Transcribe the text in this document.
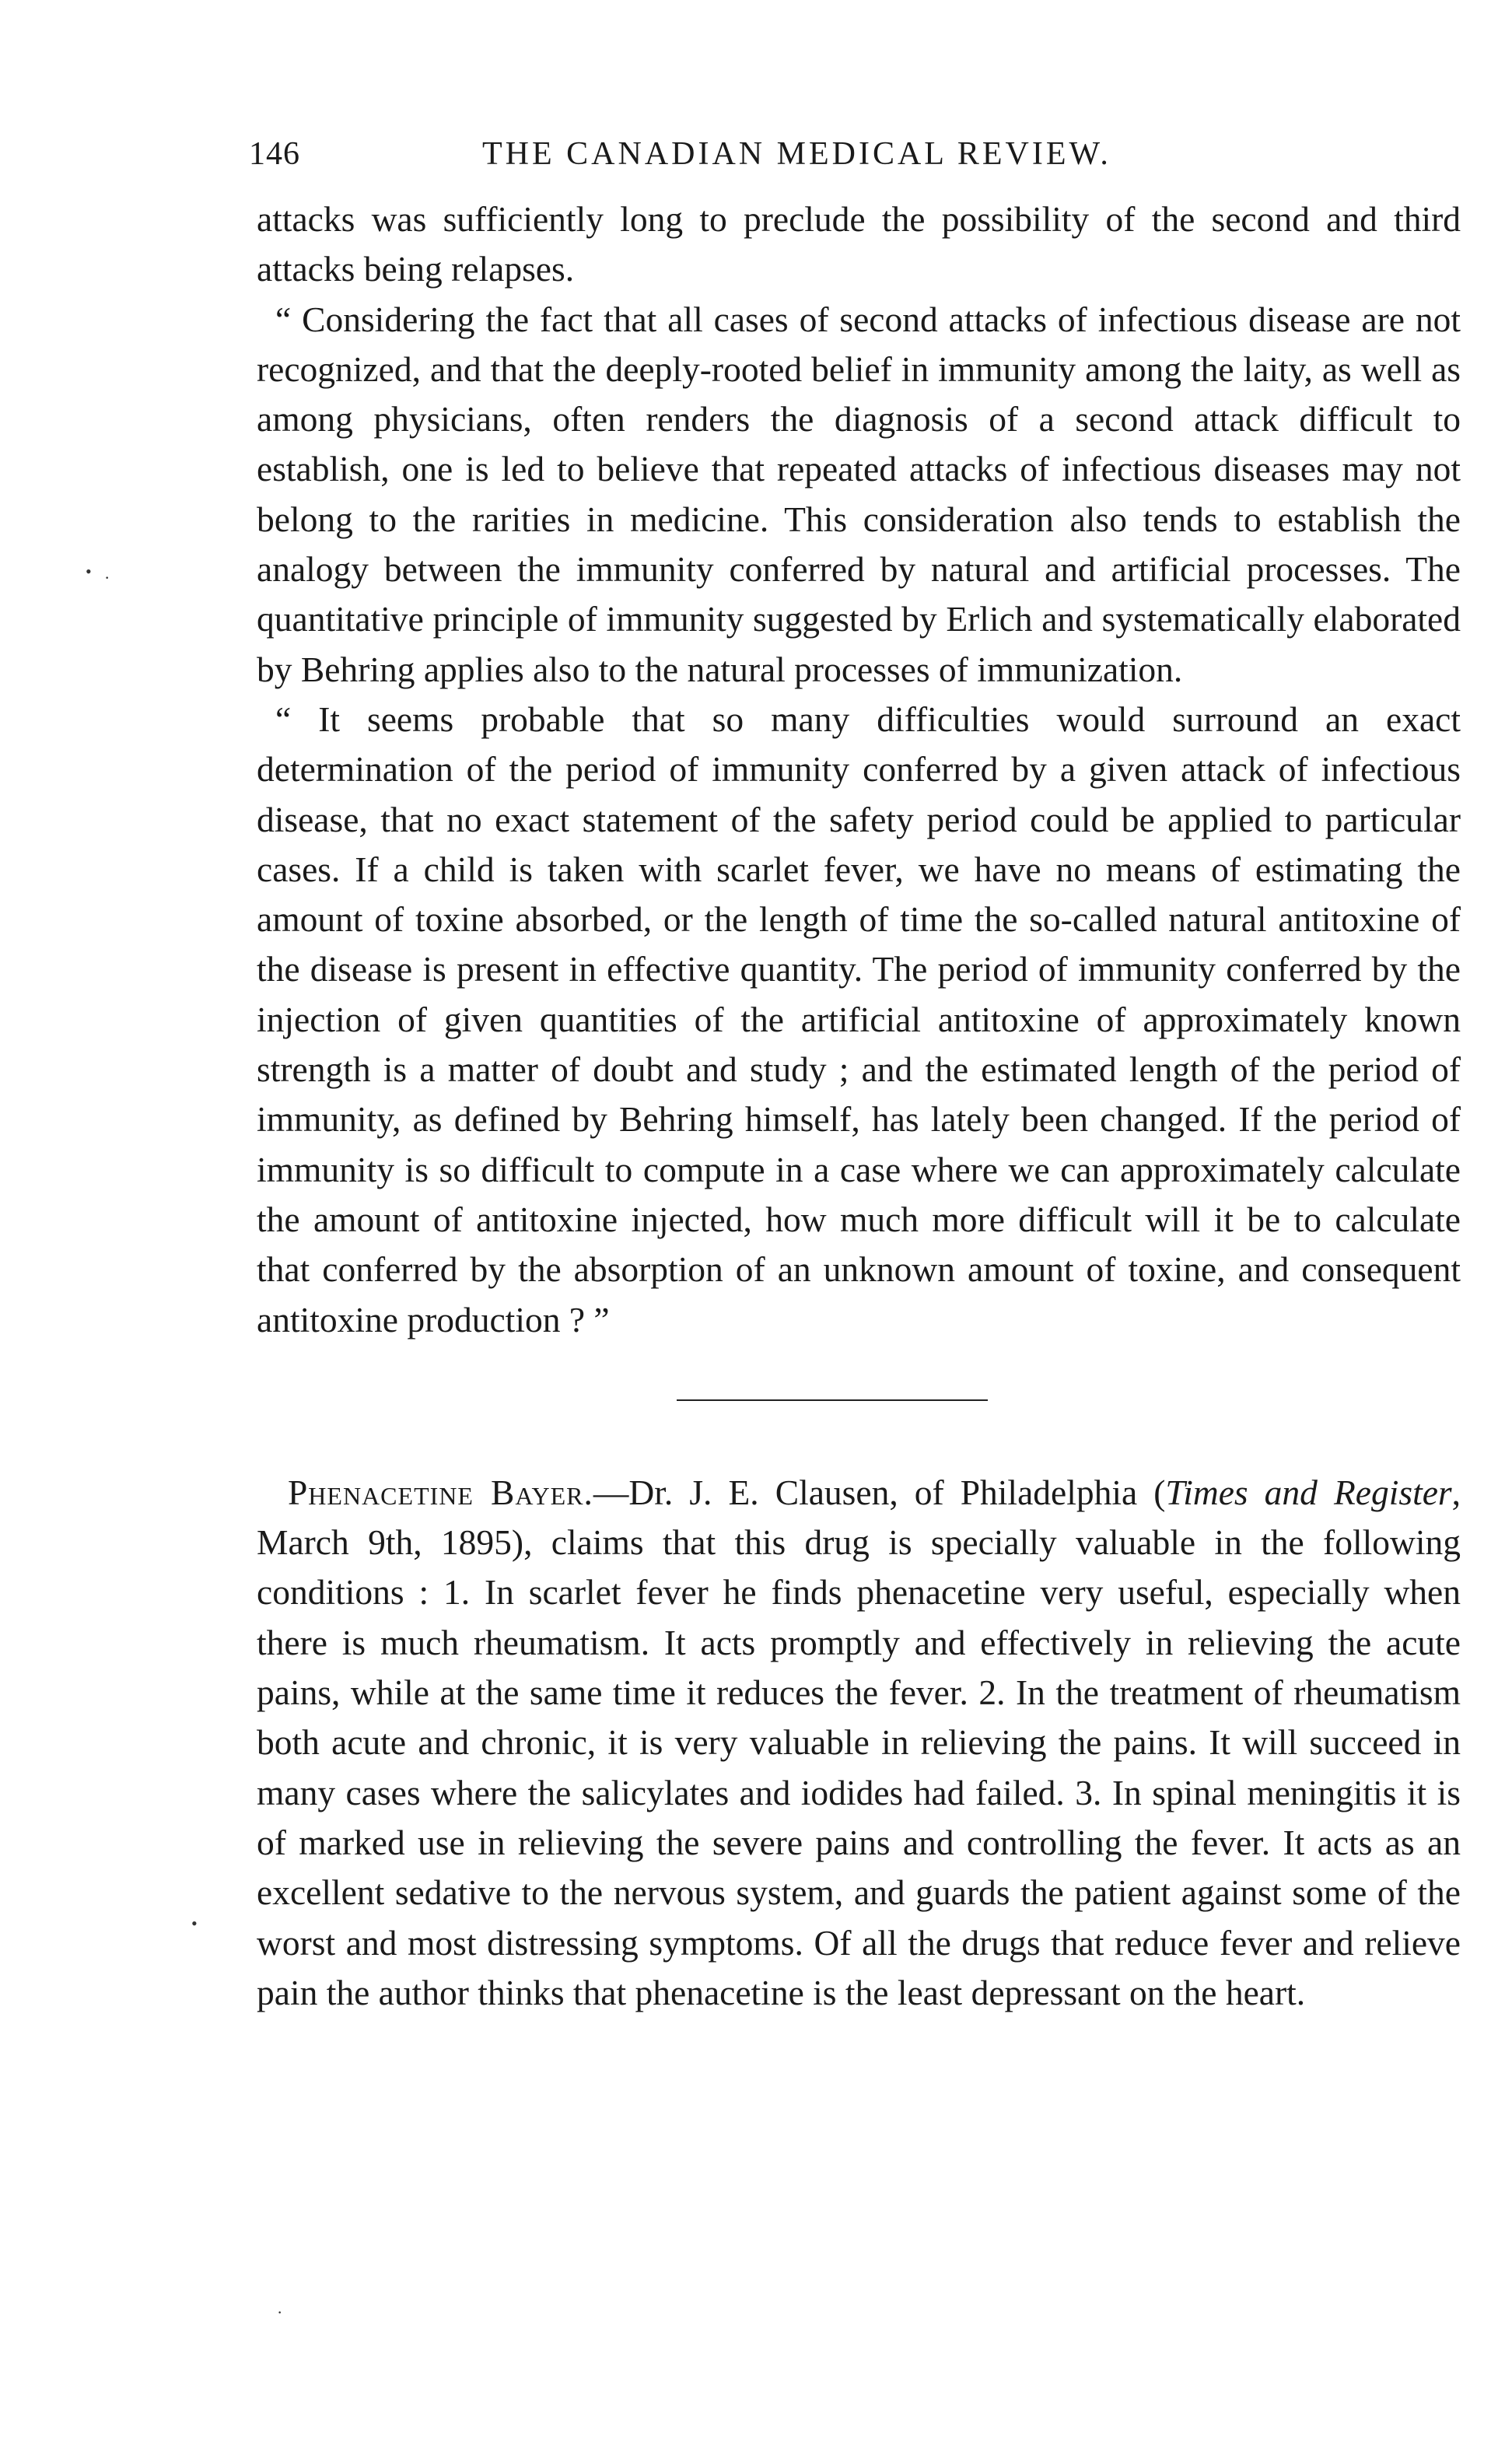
146	THE CANADIAN MEDICAL REVIEW.

attacks was sufficiently long to preclude the possibility of the second and third attacks being relapses.

“ Considering the fact that all cases of second attacks of infectious disease are not recognized, and that the deeply-rooted belief in immunity among the laity, as well as among physicians, often renders the diagnosis of a second attack difficult to establish, one is led to believe that repeated attacks of infectious diseases may not belong to the rarities in medicine. This consideration also tends to establish the analogy between the immunity conferred by natural and artificial processes. The quantitative principle of immunity suggested by Erlich and systematically elaborated by Behring applies also to the natural processes of immunization.

“ It seems probable that so many difficulties would surround an exact determination of the period of immunity conferred by a given attack of infectious disease, that no exact statement of the safety period could be applied to particular cases. If a child is taken with scarlet fever, we have no means of estimating the amount of toxine absorbed, or the length of time the so-called natural antitoxine of the disease is present in effective quantity. The period of immunity conferred by the injection of given quantities of the artificial antitoxine of approximately known strength is a matter of doubt and study ; and the estimated length of the period of immunity, as defined by Behring himself, has lately been changed. If the period of immunity is so difficult to compute in a case where we can approximately calculate the amount of antitoxine injected, how much more difficult will it be to calculate that conferred by the absorption of an unknown amount of toxine, and consequent antitoxine production ? ”

Phenacetine Bayer.—Dr. J. E. Clausen, of Philadelphia (Times and Register, March 9th, 1895), claims that this drug is specially valuable in the following conditions : 1. In scarlet fever he finds phenacetine very useful, especially when there is much rheumatism. It acts promptly and effectively in relieving the acute pains, while at the same time it reduces the fever. 2. In the treatment of rheumatism both acute and chronic, it is very valuable in relieving the pains. It will succeed in many cases where the salicylates and iodides had failed. 3. In spinal meningitis it is of marked use in relieving the severe pains and controlling the fever. It acts as an excellent sedative to the nervous system, and guards the patient against some of the worst and most distressing symptoms. Of all the drugs that reduce fever and relieve pain the author thinks that phenacetine is the least depressant on the heart.

• ·
•
·
